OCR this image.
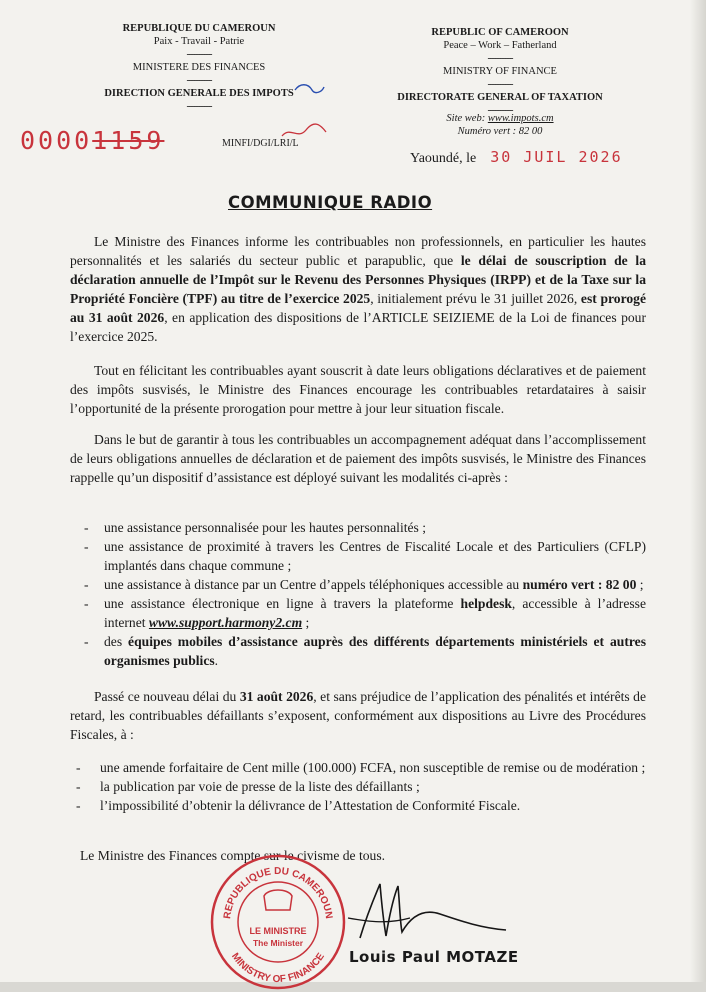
REPUBLIQUE DU CAMEROUN
Paix - Travail - Patrie
----------
MINISTERE DES FINANCES
----------
DIRECTION GENERALE DES IMPOTS
----------
REPUBLIC OF CAMEROON
Peace – Work – Fatherland
----------
MINISTRY OF FINANCE
----------
DIRECTORATE GENERAL OF TAXATION
----------
Site web: www.impots.cm
Numéro vert : 82 00
00001159	MINFI/DGI/LRI/L
Yaoundé, le 30 JUIL 2026
COMMUNIQUE RADIO

Le Ministre des Finances informe les contribuables non professionnels, en particulier les hautes personnalités et les salariés du secteur public et parapublic, que le délai de souscription de la déclaration annuelle de l’Impôt sur le Revenu des Personnes Physiques (IRPP) et de la Taxe sur la Propriété Foncière (TPF) au titre de l’exercice 2025, initialement prévu le 31 juillet 2026, est prorogé au 31 août 2026, en application des dispositions de l’ARTICLE SEIZIEME de la Loi de finances pour l’exercice 2025.

Tout en félicitant les contribuables ayant souscrit à date leurs obligations déclaratives et de paiement des impôts susvisés, le Ministre des Finances encourage les contribuables retardataires à saisir l’opportunité de la présente prorogation pour mettre à jour leur situation fiscale.

Dans le but de garantir à tous les contribuables un accompagnement adéquat dans l’accomplissement de leurs obligations annuelles de déclaration et de paiement des impôts susvisés, le Ministre des Finances rappelle qu’un dispositif d’assistance est déployé suivant les modalités ci-après :

- une assistance personnalisée pour les hautes personnalités ;
- une assistance de proximité à travers les Centres de Fiscalité Locale et des Particuliers (CFLP) implantés dans chaque commune ;
- une assistance à distance par un Centre d’appels téléphoniques accessible au numéro vert : 82 00 ;
- une assistance électronique en ligne à travers la plateforme helpdesk, accessible à l’adresse internet www.support.harmony2.cm ;
- des équipes mobiles d’assistance auprès des différents départements ministériels et autres organismes publics.

Passé ce nouveau délai du 31 août 2026, et sans préjudice de l’application des pénalités et intérêts de retard, les contribuables défaillants s’exposent, conformément aux dispositions au Livre des Procédures Fiscales, à :

- une amende forfaitaire de Cent mille (100.000) FCFA, non susceptible de remise ou de modération ;
- la publication par voie de presse de la liste des défaillants ;
- l’impossibilité d’obtenir la délivrance de l’Attestation de Conformité Fiscale.
Le Ministre des Finances compte sur le civisme de tous.
REPUBLIQUE DU CAMEROUN
MINISTRY OF FINANCE
LE MINISTRE
The Minister
Louis Paul MOTAZE
